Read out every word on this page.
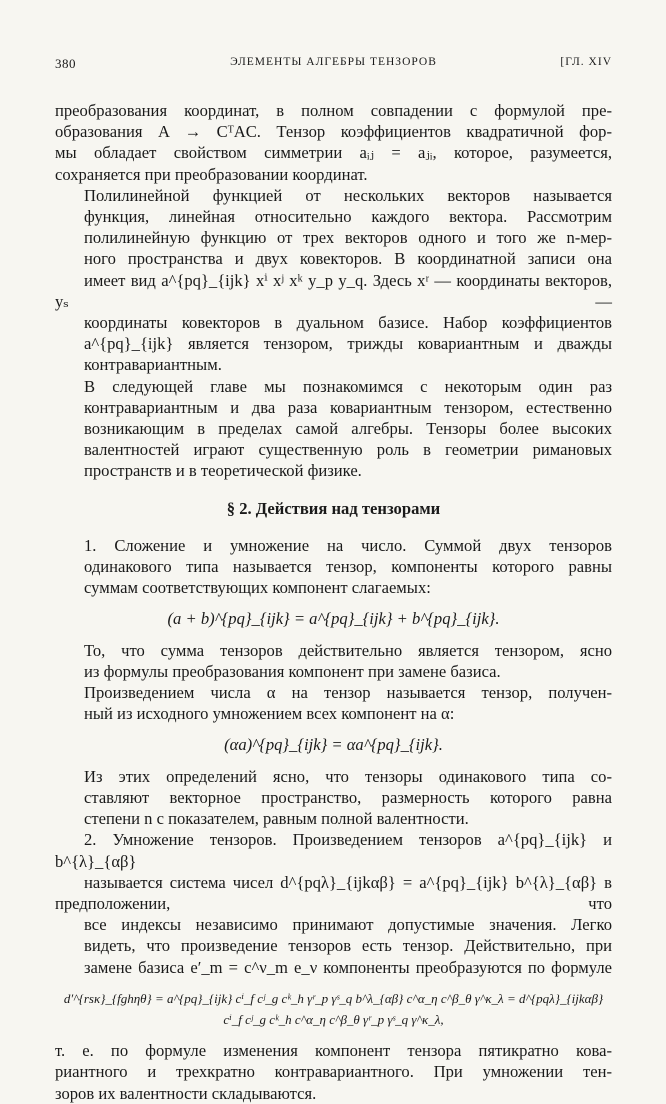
380	ЭЛЕМЕНТЫ АЛГЕБРЫ ТЕНЗОРОВ	[ГЛ. XIV
преобразования координат, в полном совпадении с формулой пре-
образования A → CᵀAC. Тензор коэффициентов квадратичной фор-
мы обладает свойством симметрии aᵢⱼ = aⱼᵢ, которое, разумеется,
сохраняется при преобразовании координат.
Полилинейной функцией от нескольких векторов называется
функция, линейная относительно каждого вектора. Рассмотрим
полилинейную функцию от трех векторов одного и того же n-мер-
ного пространства и двух ковекторов. В координатной записи она
имеет вид a^{pq}_{ijk} xⁱ xʲ xᵏ y_p y_q. Здесь xʳ — координаты векторов, yₛ —
координаты ковекторов в дуальном базисе. Набор коэффициентов
a^{pq}_{ijk} является тензором, трижды ковариантным и дважды
контравариантным.
В следующей главе мы познакомимся с некоторым один раз
контравариантным и два раза ковариантным тензором, естественно
возникающим в пределах самой алгебры. Тензоры более высоких
валентностей играют существенную роль в геометрии римановых
пространств и в теоретической физике.
§ 2. Действия над тензорами
1. Сложение и умножение на число. Суммой двух тензоров
одинакового типа называется тензор, компоненты которого равны
суммам соответствующих компонент слагаемых:
(a + b)^{pq}_{ijk} = a^{pq}_{ijk} + b^{pq}_{ijk}.
То, что сумма тензоров действительно является тензором, ясно
из формулы преобразования компонент при замене базиса.
Произведением числа α на тензор называется тензор, получен-
ный из исходного умножением всех компонент на α:
(αa)^{pq}_{ijk} = αa^{pq}_{ijk}.
Из этих определений ясно, что тензоры одинакового типа со-
ставляют векторное пространство, размерность которого равна
степени n с показателем, равным полной валентности.
2. Умножение тензоров. Произведением тензоров a^{pq}_{ijk} и b^{λ}_{αβ}
называется система чисел d^{pqλ}_{ijkαβ} = a^{pq}_{ijk} b^{λ}_{αβ} в предположении, что
все индексы независимо принимают допустимые значения. Легко
видеть, что произведение тензоров есть тензор. Действительно, при
замене базиса e′_m = c^ν_m e_ν компоненты преобразуются по формуле
d′^{rsκ}_{fghηθ} = a^{pq}_{ijk} cⁱ_f cʲ_g cᵏ_h γʳ_p γˢ_q b^λ_{αβ} c^α_η c^β_θ γ^κ_λ = d^{pqλ}_{ijkαβ} cⁱ_f cʲ_g cᵏ_h c^α_η c^β_θ γʳ_p γˢ_q γ^κ_λ,
т. е. по формуле изменения компонент тензора пятикратно кова-
риантного и трехкратно контравариантного. При умножении тен-
зоров их валентности складываются.
